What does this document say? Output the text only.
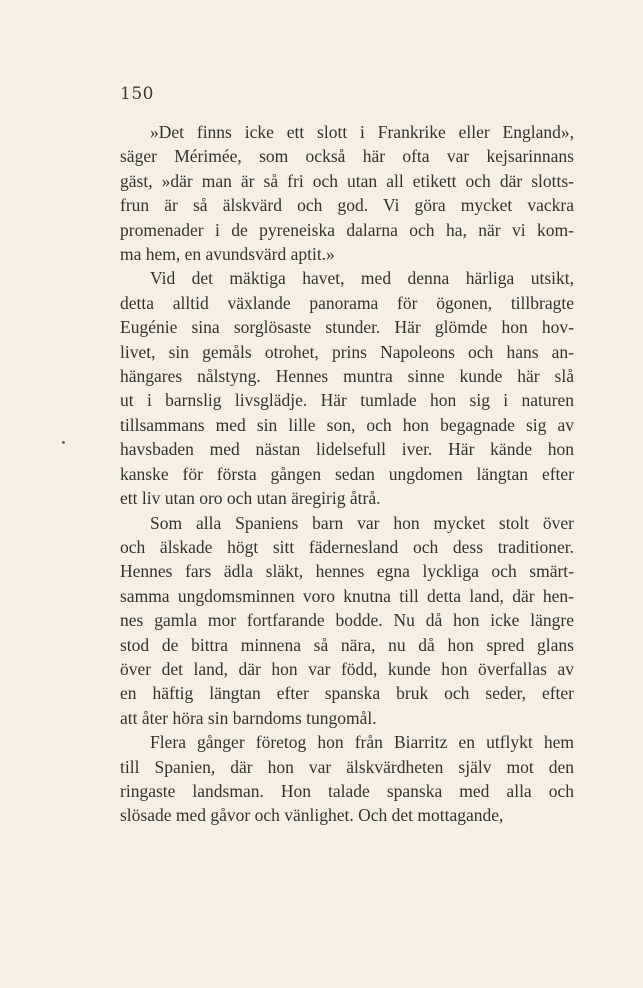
150
»Det finns icke ett slott i Frankrike eller England»,
säger Mérimée, som också här ofta var kejsarinnans
gäst, »där man är så fri och utan all etikett och där slotts-
frun är så älskvärd och god. Vi göra mycket vackra
promenader i de pyreneiska dalarna och ha, när vi kom-
ma hem, en avundsvärd aptit.»
Vid det mäktiga havet, med denna härliga utsikt,
detta alltid växlande panorama för ögonen, tillbragte
Eugénie sina sorglösaste stunder. Här glömde hon hov-
livet, sin gemåls otrohet, prins Napoleons och hans an-
hängares nålstyng. Hennes muntra sinne kunde här slå
ut i barnslig livsglädje. Här tumlade hon sig i naturen
tillsammans med sin lille son, och hon begagnade sig av
havsbaden med nästan lidelsefull iver. Här kände hon
kanske för första gången sedan ungdomen längtan efter
ett liv utan oro och utan äregirig åtrå.
Som alla Spaniens barn var hon mycket stolt över
och älskade högt sitt fädernesland och dess traditioner.
Hennes fars ädla släkt, hennes egna lyckliga och smärt-
samma ungdomsminnen voro knutna till detta land, där hen-
nes gamla mor fortfarande bodde. Nu då hon icke längre
stod de bittra minnena så nära, nu då hon spred glans
över det land, där hon var född, kunde hon överfallas av
en häftig längtan efter spanska bruk och seder, efter
att åter höra sin barndoms tungomål.
Flera gånger företog hon från Biarritz en utflykt hem
till Spanien, där hon var älskvärdheten själv mot den
ringaste landsman. Hon talade spanska med alla och
slösade med gåvor och vänlighet. Och det mottagande,
